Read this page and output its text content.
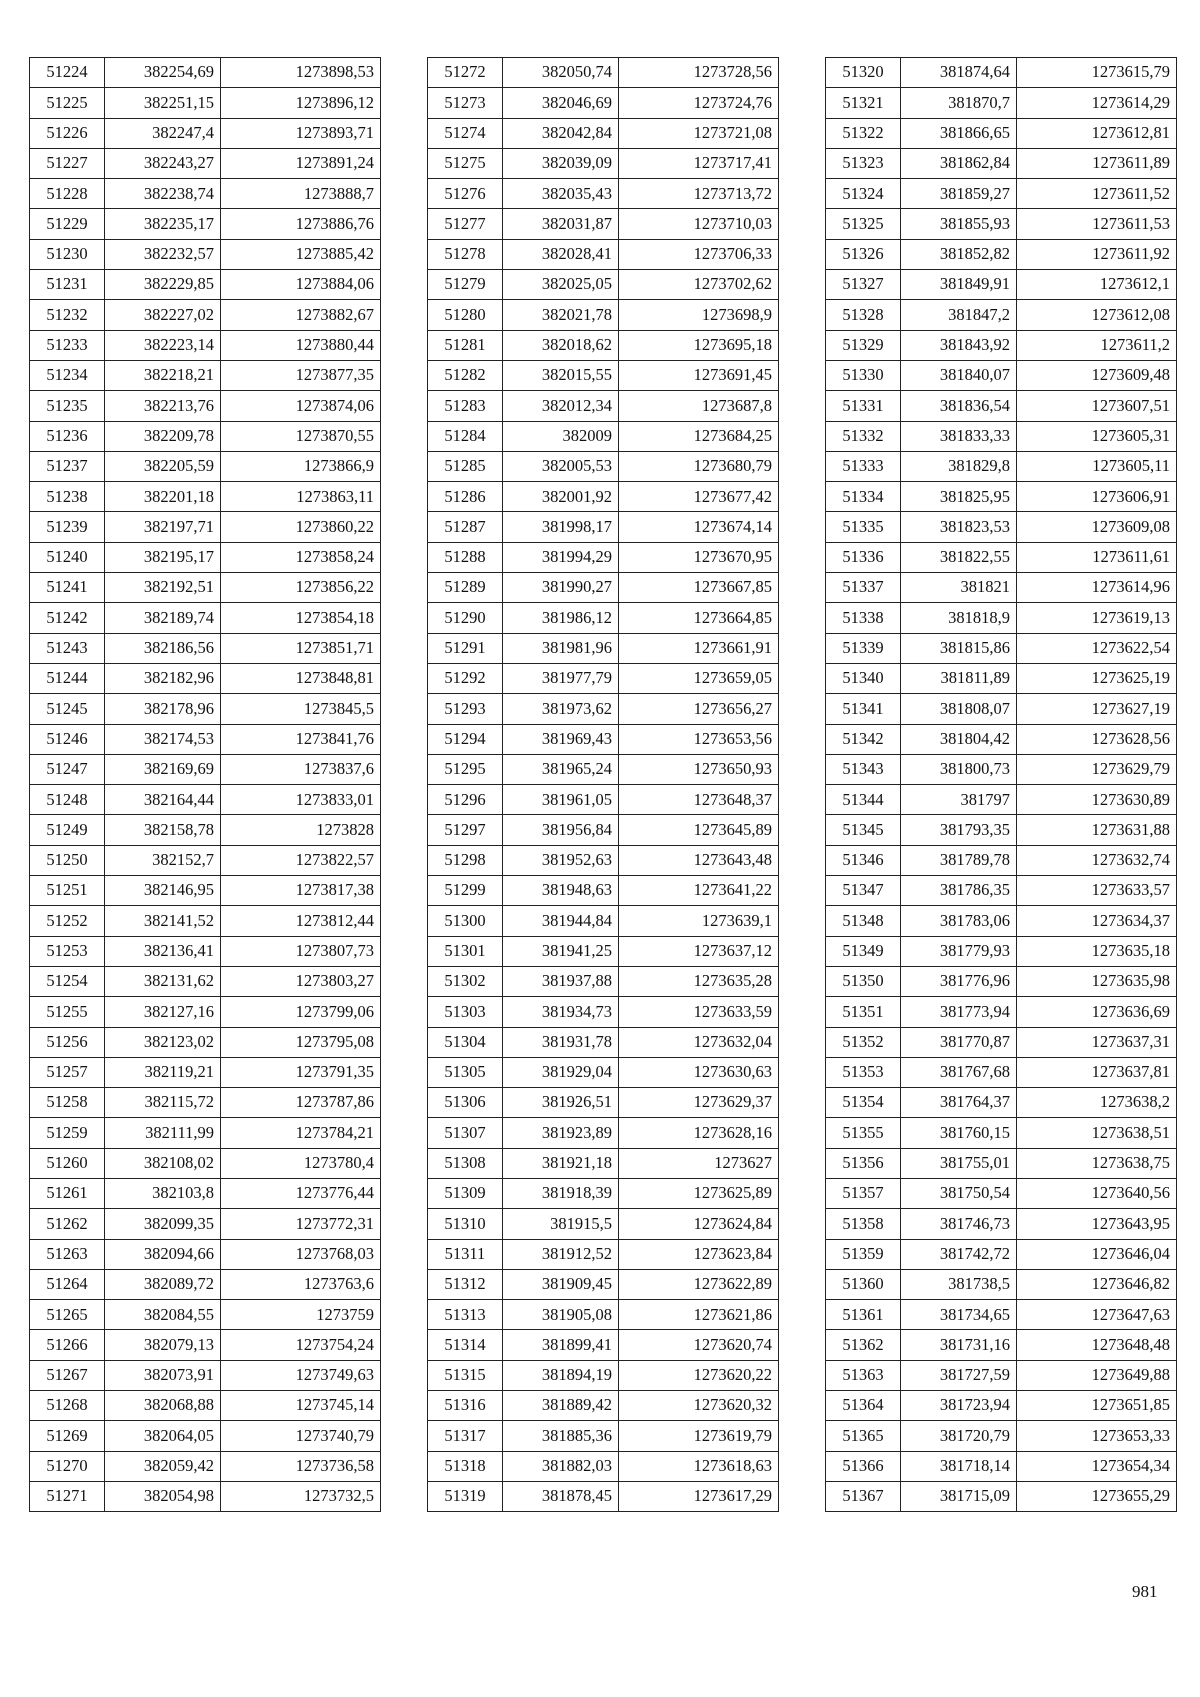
51224	382254,69	1273898,53
51225	382251,15	1273896,12
51226	382247,4	1273893,71
51227	382243,27	1273891,24
51228	382238,74	1273888,7
51229	382235,17	1273886,76
51230	382232,57	1273885,42
51231	382229,85	1273884,06
51232	382227,02	1273882,67
51233	382223,14	1273880,44
51234	382218,21	1273877,35
51235	382213,76	1273874,06
51236	382209,78	1273870,55
51237	382205,59	1273866,9
51238	382201,18	1273863,11
51239	382197,71	1273860,22
51240	382195,17	1273858,24
51241	382192,51	1273856,22
51242	382189,74	1273854,18
51243	382186,56	1273851,71
51244	382182,96	1273848,81
51245	382178,96	1273845,5
51246	382174,53	1273841,76
51247	382169,69	1273837,6
51248	382164,44	1273833,01
51249	382158,78	1273828
51250	382152,7	1273822,57
51251	382146,95	1273817,38
51252	382141,52	1273812,44
51253	382136,41	1273807,73
51254	382131,62	1273803,27
51255	382127,16	1273799,06
51256	382123,02	1273795,08
51257	382119,21	1273791,35
51258	382115,72	1273787,86
51259	382111,99	1273784,21
51260	382108,02	1273780,4
51261	382103,8	1273776,44
51262	382099,35	1273772,31
51263	382094,66	1273768,03
51264	382089,72	1273763,6
51265	382084,55	1273759
51266	382079,13	1273754,24
51267	382073,91	1273749,63
51268	382068,88	1273745,14
51269	382064,05	1273740,79
51270	382059,42	1273736,58
51271	382054,98	1273732,5
51272	382050,74	1273728,56
51273	382046,69	1273724,76
51274	382042,84	1273721,08
51275	382039,09	1273717,41
51276	382035,43	1273713,72
51277	382031,87	1273710,03
51278	382028,41	1273706,33
51279	382025,05	1273702,62
51280	382021,78	1273698,9
51281	382018,62	1273695,18
51282	382015,55	1273691,45
51283	382012,34	1273687,8
51284	382009	1273684,25
51285	382005,53	1273680,79
51286	382001,92	1273677,42
51287	381998,17	1273674,14
51288	381994,29	1273670,95
51289	381990,27	1273667,85
51290	381986,12	1273664,85
51291	381981,96	1273661,91
51292	381977,79	1273659,05
51293	381973,62	1273656,27
51294	381969,43	1273653,56
51295	381965,24	1273650,93
51296	381961,05	1273648,37
51297	381956,84	1273645,89
51298	381952,63	1273643,48
51299	381948,63	1273641,22
51300	381944,84	1273639,1
51301	381941,25	1273637,12
51302	381937,88	1273635,28
51303	381934,73	1273633,59
51304	381931,78	1273632,04
51305	381929,04	1273630,63
51306	381926,51	1273629,37
51307	381923,89	1273628,16
51308	381921,18	1273627
51309	381918,39	1273625,89
51310	381915,5	1273624,84
51311	381912,52	1273623,84
51312	381909,45	1273622,89
51313	381905,08	1273621,86
51314	381899,41	1273620,74
51315	381894,19	1273620,22
51316	381889,42	1273620,32
51317	381885,36	1273619,79
51318	381882,03	1273618,63
51319	381878,45	1273617,29
51320	381874,64	1273615,79
51321	381870,7	1273614,29
51322	381866,65	1273612,81
51323	381862,84	1273611,89
51324	381859,27	1273611,52
51325	381855,93	1273611,53
51326	381852,82	1273611,92
51327	381849,91	1273612,1
51328	381847,2	1273612,08
51329	381843,92	1273611,2
51330	381840,07	1273609,48
51331	381836,54	1273607,51
51332	381833,33	1273605,31
51333	381829,8	1273605,11
51334	381825,95	1273606,91
51335	381823,53	1273609,08
51336	381822,55	1273611,61
51337	381821	1273614,96
51338	381818,9	1273619,13
51339	381815,86	1273622,54
51340	381811,89	1273625,19
51341	381808,07	1273627,19
51342	381804,42	1273628,56
51343	381800,73	1273629,79
51344	381797	1273630,89
51345	381793,35	1273631,88
51346	381789,78	1273632,74
51347	381786,35	1273633,57
51348	381783,06	1273634,37
51349	381779,93	1273635,18
51350	381776,96	1273635,98
51351	381773,94	1273636,69
51352	381770,87	1273637,31
51353	381767,68	1273637,81
51354	381764,37	1273638,2
51355	381760,15	1273638,51
51356	381755,01	1273638,75
51357	381750,54	1273640,56
51358	381746,73	1273643,95
51359	381742,72	1273646,04
51360	381738,5	1273646,82
51361	381734,65	1273647,63
51362	381731,16	1273648,48
51363	381727,59	1273649,88
51364	381723,94	1273651,85
51365	381720,79	1273653,33
51366	381718,14	1273654,34
51367	381715,09	1273655,29
981
